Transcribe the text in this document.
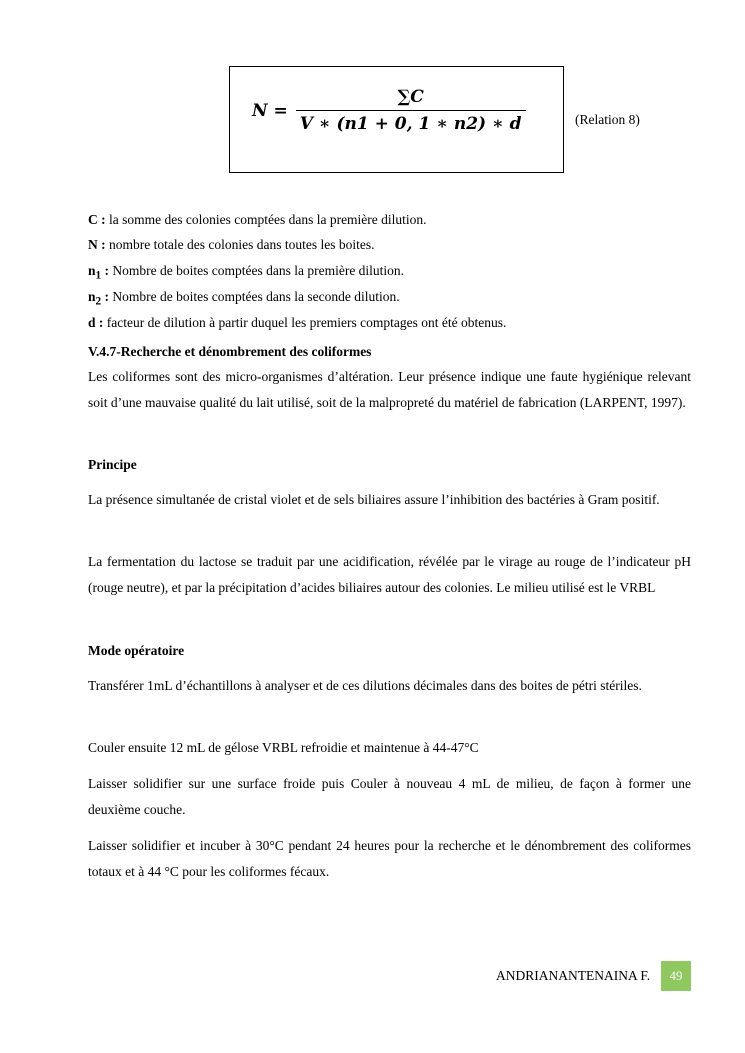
$N = \frac{\sum C}{V ∗ (n1 + 0, 1 ∗ n2) ∗ d}$	(Relation 8)
C : la somme des colonies comptées dans la première dilution.
N : nombre totale des colonies dans toutes les boites.
$n_1$ : Nombre de boites comptées dans la première dilution.
$n_2$ : Nombre de boites comptées dans la seconde dilution.
d : facteur de dilution à partir duquel les premiers comptages ont été obtenus.
V.4.7-Recherche et dénombrement des coliformes
Les coliformes sont des micro-organismes d’altération. Leur présence indique une faute hygiénique relevant soit d’une mauvaise qualité du lait utilisé, soit de la malpropreté du matériel de fabrication (LARPENT, 1997).
Principe
La présence simultanée de cristal violet et de sels biliaires assure l’inhibition des bactéries à Gram positif.
La fermentation du lactose se traduit par une acidification, révélée par le virage au rouge de l’indicateur pH (rouge neutre), et par la précipitation d’acides biliaires autour des colonies. Le milieu utilisé est le VRBL
Mode opératoire
Transférer 1mL d’échantillons à analyser et de ces dilutions décimales dans des boites de pétri stériles.
Couler ensuite 12 mL de gélose VRBL refroidie et maintenue à 44-47°C
Laisser solidifier sur une surface froide puis Couler à nouveau 4 mL de milieu, de façon à former une deuxième couche.
Laisser solidifier et incuber à 30°C pendant 24 heures pour la recherche et le dénombrement des coliformes totaux et à 44 °C pour les coliformes fécaux.
ANDRIANANTENAINA F.	49
